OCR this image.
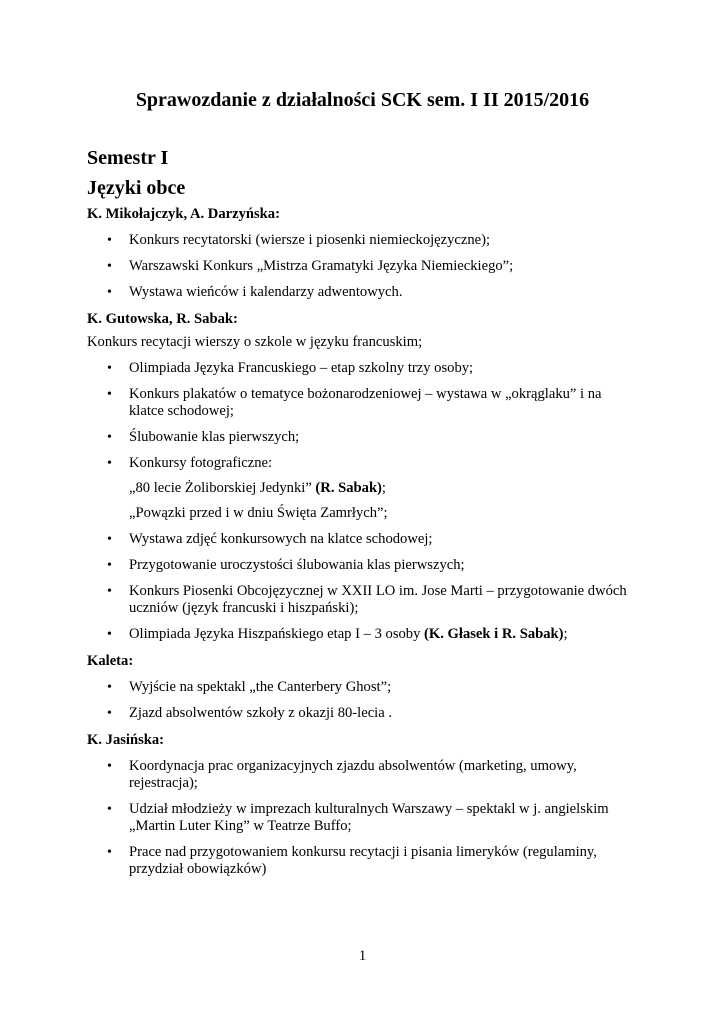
Sprawozdanie z działalności SCK sem. I II 2015/2016
Semestr I
Języki obce

K. Mikołajczyk, A. Darzyńska:

• Konkurs recytatorski (wiersze i piosenki niemieckojęzyczne);
• Warszawski Konkurs „Mistrza Gramatyki Języka Niemieckiego”;
• Wystawa wieńców i kalendarzy adwentowych.

K. Gutowska, R. Sabak:

Konkurs recytacji wierszy o szkole w języku francuskim;

• Olimpiada Języka Francuskiego – etap szkolny trzy osoby;
• Konkurs plakatów o tematyce bożonarodzeniowej – wystawa w „okrąglaku” i na
klatce schodowej;
• Ślubowanie klas pierwszych;
• Konkursy fotograficzne:
„80 lecie Żoliborskiej Jedynki” (R. Sabak);
„Powązki przed i w dniu Święta Zamrłych”;
• Wystawa zdjęć konkursowych na klatce schodowej;
• Przygotowanie uroczystości ślubowania klas pierwszych;
• Konkurs Piosenki Obcojęzycznej w XXII LO im. Jose Marti – przygotowanie dwóch
uczniów (język francuski i hiszpański);
• Olimpiada Języka Hiszpańskiego etap I – 3 osoby (K. Głasek i R. Sabak);

Kaleta:

• Wyjście na spektakl „the Canterbery Ghost”;
• Zjazd absolwentów szkoły z okazji 80-lecia .

K. Jasińska:

• Koordynacja prac organizacyjnych zjazdu absolwentów (marketing, umowy,
rejestracja);
• Udział młodzieży w imprezach kulturalnych Warszawy – spektakl w j. angielskim
„Martin Luter King” w Teatrze Buffo;
• Prace nad przygotowaniem konkursu recytacji i pisania limeryków (regulaminy,
przydział obowiązków)
1
